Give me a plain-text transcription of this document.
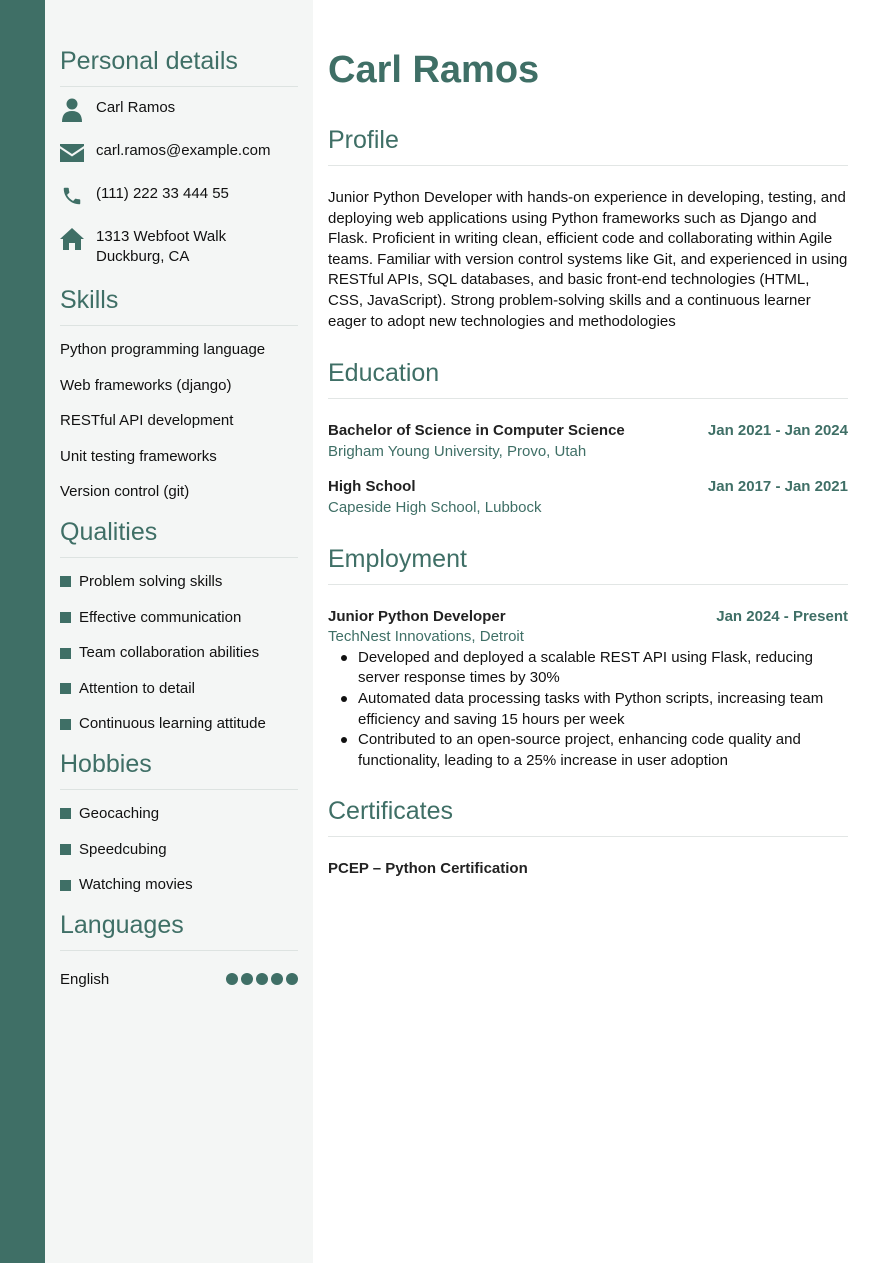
Personal details
Carl Ramos
carl.ramos@example.com
(111) 222 33 444 55
1313 Webfoot Walk
Duckburg, CA
Skills
Python programming language
Web frameworks (django)
RESTful API development
Unit testing frameworks
Version control (git)
Qualities
Problem solving skills
Effective communication
Team collaboration abilities
Attention to detail
Continuous learning attitude
Hobbies
Geocaching
Speedcubing
Watching movies
Languages
English
Carl Ramos
Profile

Junior Python Developer with hands-on experience in developing, testing, and deploying web applications using Python frameworks such as Django and Flask. Proficient in writing clean, efficient code and collaborating within Agile teams. Familiar with version control systems like Git, and experienced in using RESTful APIs, SQL databases, and basic front-end technologies (HTML, CSS, JavaScript). Strong problem-solving skills and a continuous learner eager to adopt new technologies and methodologies

Education
Bachelor of Science in Computer Science	Jan 2021 - Jan 2024
Brigham Young University, Provo, Utah
High School	Jan 2017 - Jan 2021
Capeside High School, Lubbock
Employment
Junior Python Developer	Jan 2024 - Present
TechNest Innovations, Detroit
Developed and deployed a scalable REST API using Flask, reducing server response times by 30%
Automated data processing tasks with Python scripts, increasing team efficiency and saving 15 hours per week
Contributed to an open-source project, enhancing code quality and functionality, leading to a 25% increase in user adoption
Certificates
PCEP – Python Certification
